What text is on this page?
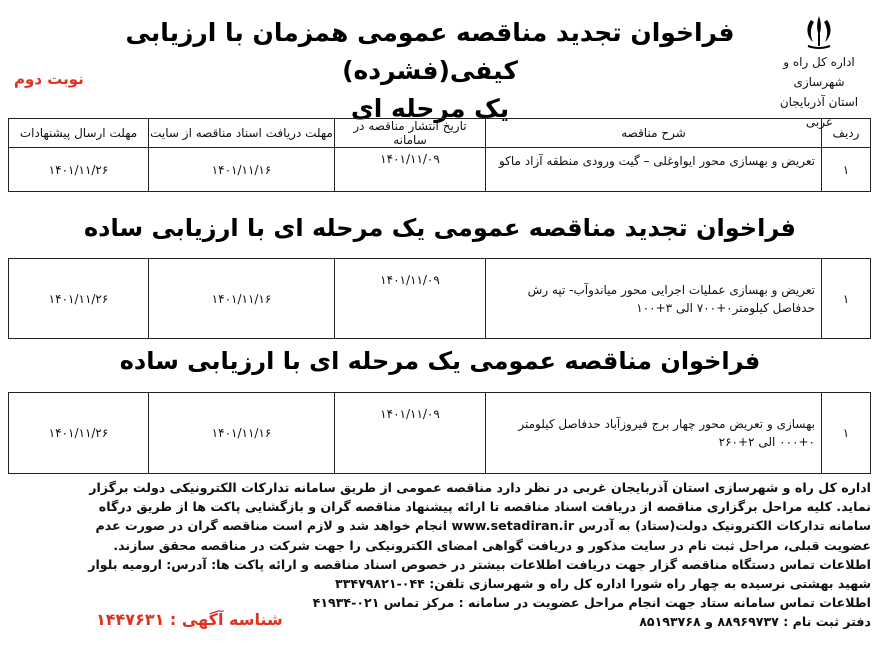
اداره کل راه و شهرسازی
استان آذربایجان غربی
فراخوان تجدید مناقصه عمومی همزمان با ارزیابی کیفی(فشرده)
یک مرحله ای
نوبت دوم
ردیف	شرح مناقصه	تاریخ انتشار مناقصه در سامانه	مهلت دریافت اسناد مناقصه از سایت	مهلت ارسال پیشنهادات
۱	تعریض و بهسازی محور ایواوغلی – گیت ورودی منطقه آزاد ماکو	۱۴۰۱/۱۱/۰۹	۱۴۰۱/۱۱/۱۶	۱۴۰۱/۱۱/۲۶
فراخوان تجدید مناقصه عمومی یک مرحله ای با ارزیابی ساده
۱	تعریض و بهسازی عملیات اجرایی محور میاندوآب- تپه رش حدفاصل کیلومتر۰+۷۰۰ الی ۳+۱۰۰	۱۴۰۱/۱۱/۰۹	۱۴۰۱/۱۱/۱۶	۱۴۰۱/۱۱/۲۶
فراخوان مناقصه عمومی یک مرحله ای با ارزیابی ساده
۱	بهسازی و تعریض محور چهار برج فیروزآباد حدفاصل کیلومتر ۰+۰۰۰ الی ۲+۲۶۰	۱۴۰۱/۱۱/۰۹	۱۴۰۱/۱۱/۱۶	۱۴۰۱/۱۱/۲۶
اداره کل راه و شهرسازی استان آذربایجان غربی در نظر دارد مناقصه عمومی از طریق سامانه تدارکات الکترونیکی دولت برگزار
نماید. کلیه مراحل برگزاری مناقصه از دریافت اسناد مناقصه تا ارائه پیشنهاد مناقصه گران و بازگشایی پاکت ها از طریق درگاه
سامانه تدارکات الکترونیک دولت(ستاد) به آدرس www.setadiran.ir انجام خواهد شد و لازم است مناقصه گران در صورت عدم
عضویت قبلی، مراحل ثبت نام در سایت مذکور و دریافت گواهی امضای الکترونیکی را جهت شرکت در مناقصه محقق سازند.
اطلاعات تماس دستگاه مناقصه گزار جهت دریافت اطلاعات بیشتر در خصوص اسناد مناقصه و ارائه پاکت ها: آدرس: ارومیه بلوار
شهید بهشتی نرسیده به چهار راه شورا اداره کل راه و شهرسازی تلفن: ۰۴۴-۳۳۴۷۹۸۲۱
اطلاعات تماس سامانه ستاد جهت انجام مراحل عضویت در سامانه : مرکز تماس ۰۲۱-۴۱۹۳۴
دفتر ثبت نام : ۸۸۹۶۹۷۳۷ و ۸۵۱۹۳۷۶۸
شناسه آگهی : ۱۴۴۷۶۳۱
